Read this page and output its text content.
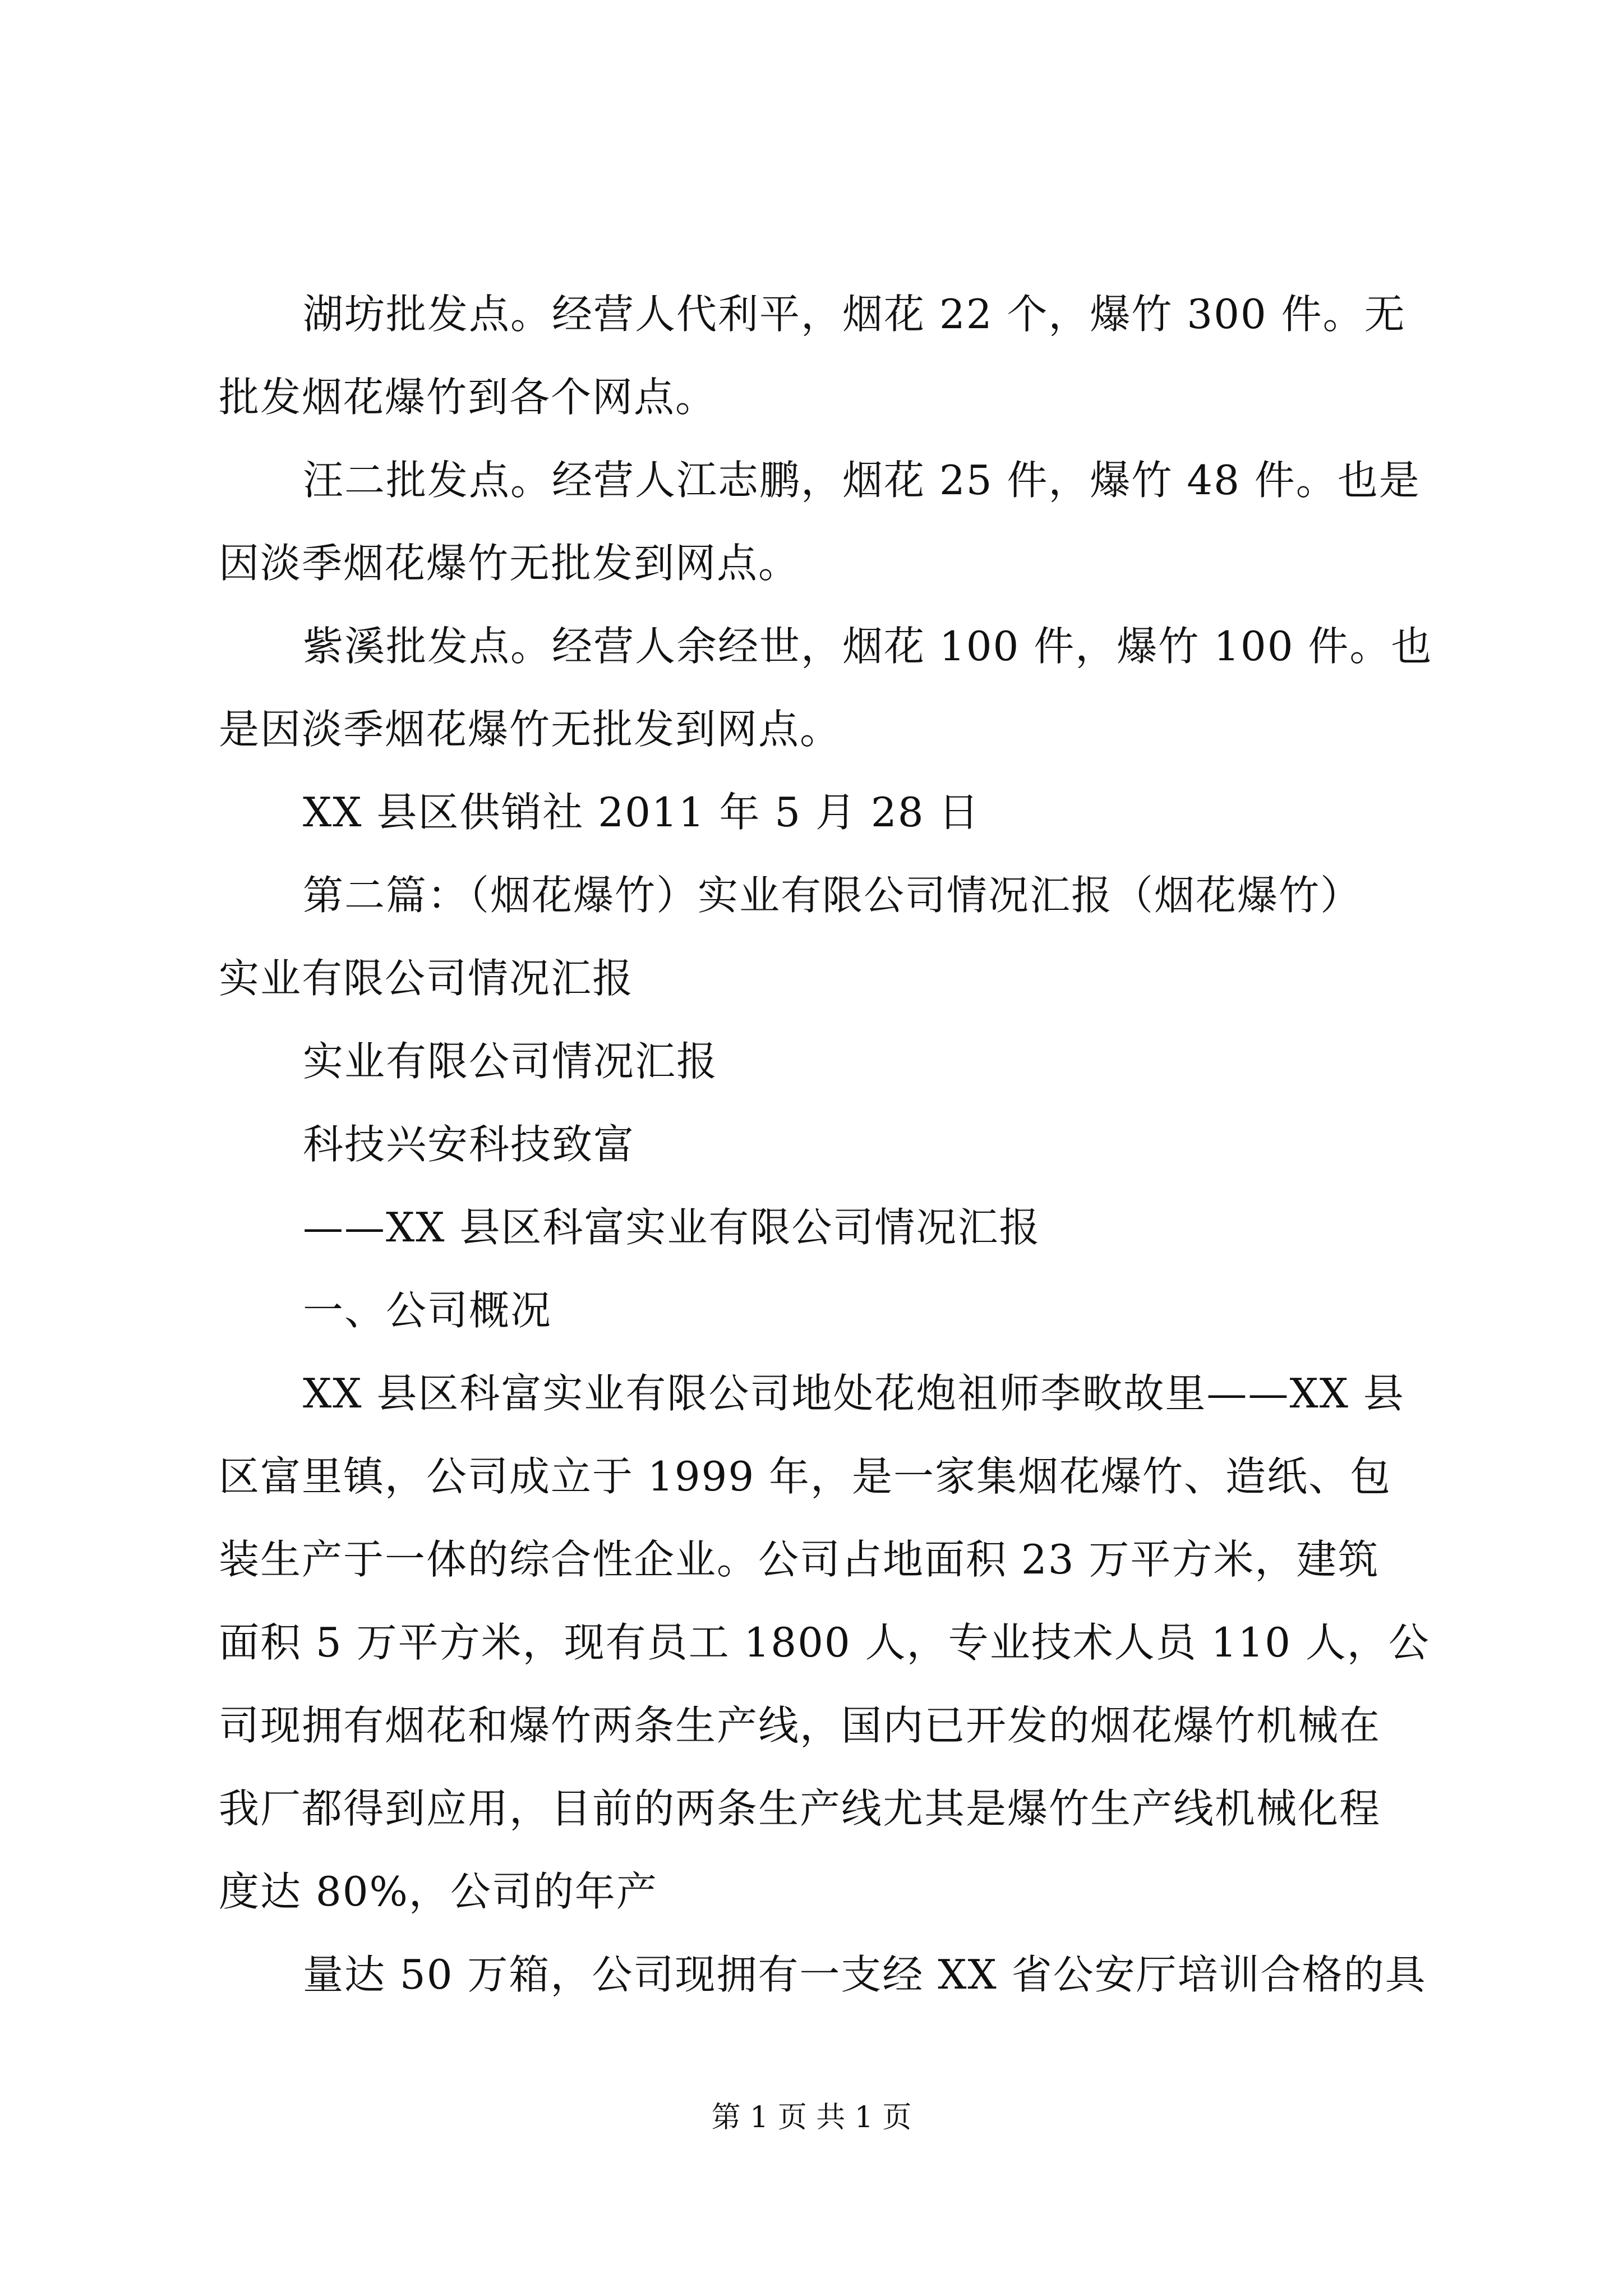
湖坊批发点。经营人代利平，烟花 22 个，爆竹 300 件。无
批发烟花爆竹到各个网点。
汪二批发点。经营人江志鹏，烟花 25 件，爆竹 48 件。也是
因淡季烟花爆竹无批发到网点。
紫溪批发点。经营人余经世，烟花 100 件，爆竹 100 件。也
是因淡季烟花爆竹无批发到网点。
XX 县区供销社 2011 年 5 月 28 日
第二篇：（烟花爆竹）实业有限公司情况汇报（烟花爆竹）
实业有限公司情况汇报
实业有限公司情况汇报
科技兴安科技致富
——XX 县区科富实业有限公司情况汇报
一、公司概况
XX 县区科富实业有限公司地处花炮祖师李畋故里——XX 县
区富里镇，公司成立于 1999 年，是一家集烟花爆竹、造纸、包
装生产于一体的综合性企业。公司占地面积 23 万平方米，建筑
面积 5 万平方米，现有员工 1800 人，专业技术人员 110 人，公
司现拥有烟花和爆竹两条生产线，国内已开发的烟花爆竹机械在
我厂都得到应用，目前的两条生产线尤其是爆竹生产线机械化程
度达 80%，公司的年产
量达 50 万箱，公司现拥有一支经 XX 省公安厅培训合格的具
第 1 页 共 1 页
